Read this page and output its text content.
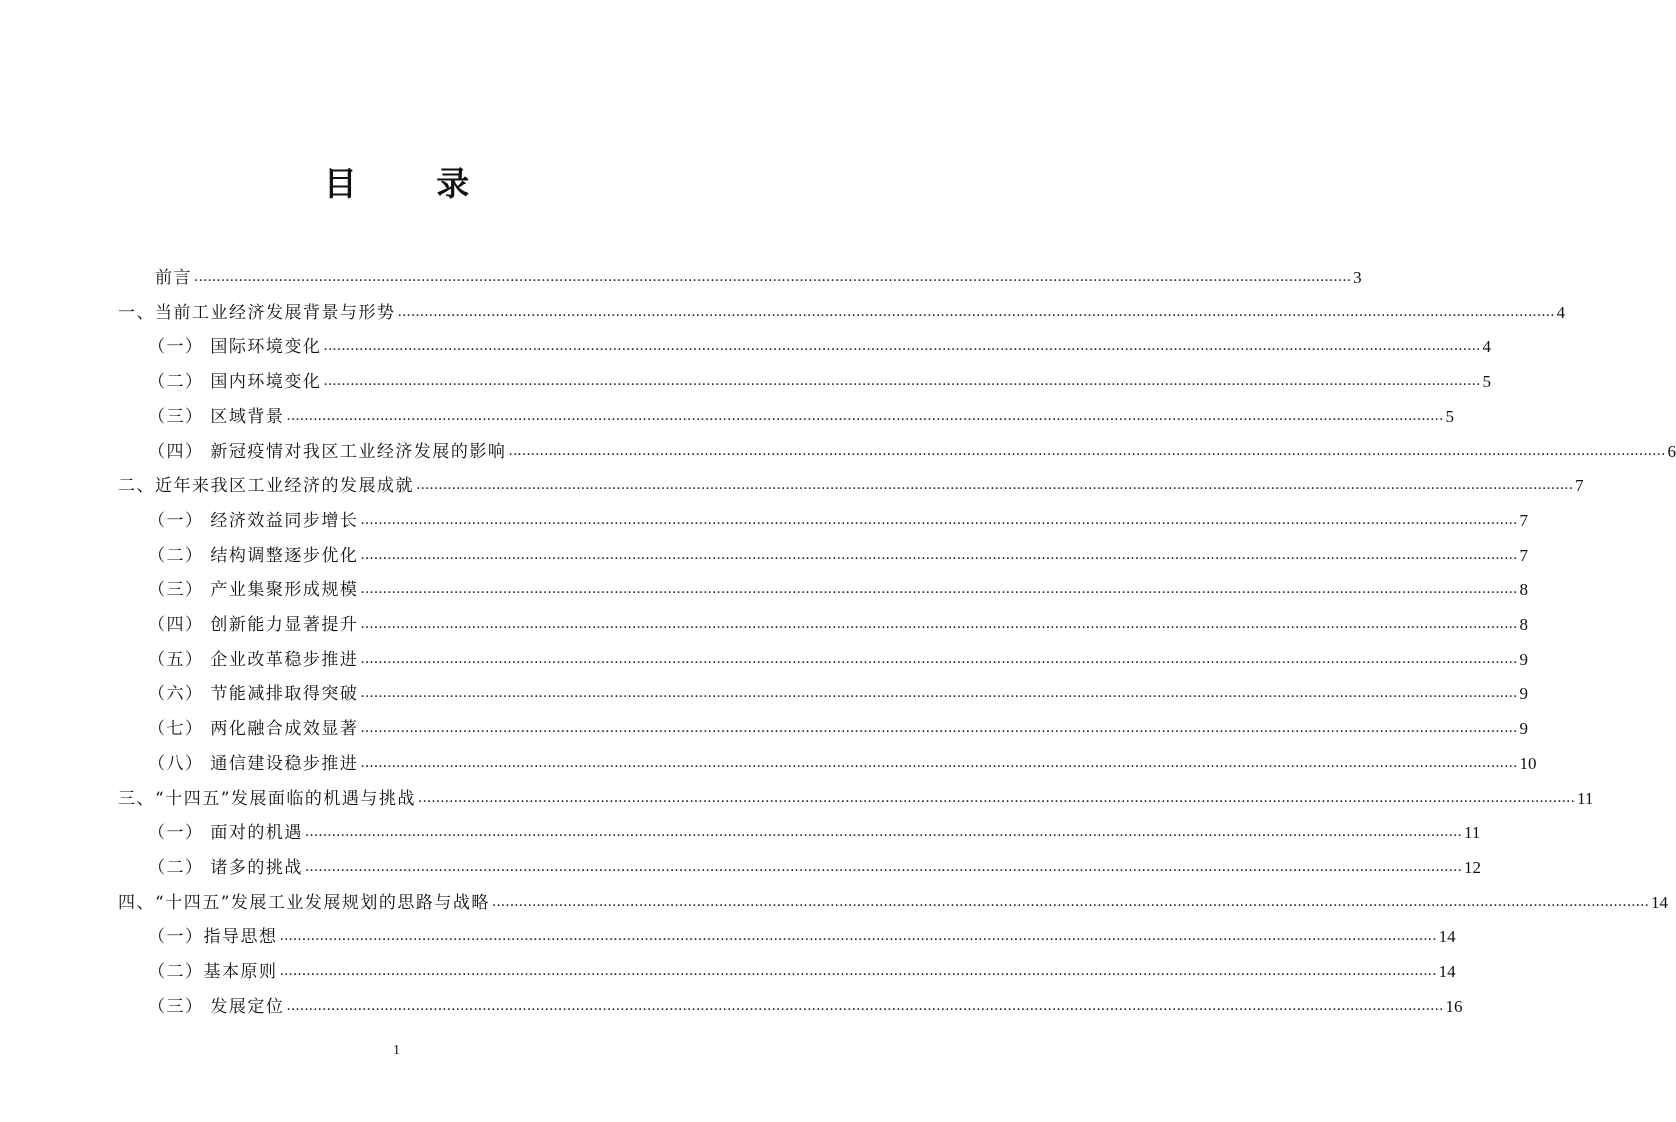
目 录
前言 .................................................................................................................................................................................................................................................................... 3
一、当前工业经济发展背景与形势 .................................................................................................................................................................................................................................................................... 4
（一） 国际环境变化 .................................................................................................................................................................................................................................................................... 4
（二） 国内环境变化 .................................................................................................................................................................................................................................................................... 5
（三） 区域背景 .................................................................................................................................................................................................................................................................... 5
（四） 新冠疫情对我区工业经济发展的影响 .................................................................................................................................................................................................................................................................... 6
二、近年来我区工业经济的发展成就 .................................................................................................................................................................................................................................................................... 7
（一） 经济效益同步增长 .................................................................................................................................................................................................................................................................... 7
（二） 结构调整逐步优化 .................................................................................................................................................................................................................................................................... 7
（三） 产业集聚形成规模 .................................................................................................................................................................................................................................................................... 8
（四） 创新能力显著提升 .................................................................................................................................................................................................................................................................... 8
（五） 企业改革稳步推进 .................................................................................................................................................................................................................................................................... 9
（六） 节能减排取得突破 .................................................................................................................................................................................................................................................................... 9
（七） 两化融合成效显著 .................................................................................................................................................................................................................................................................... 9
（八） 通信建设稳步推进 .................................................................................................................................................................................................................................................................... 10
三、“十四五”发展面临的机遇与挑战 .................................................................................................................................................................................................................................................................... 11
（一） 面对的机遇 .................................................................................................................................................................................................................................................................... 11
（二） 诸多的挑战 .................................................................................................................................................................................................................................................................... 12
四、“十四五”发展工业发展规划的思路与战略 .................................................................................................................................................................................................................................................................... 14
（一）指导思想 .................................................................................................................................................................................................................................................................... 14
（二）基本原则 .................................................................................................................................................................................................................................................................... 14
（三） 发展定位 .................................................................................................................................................................................................................................................................... 16
1
